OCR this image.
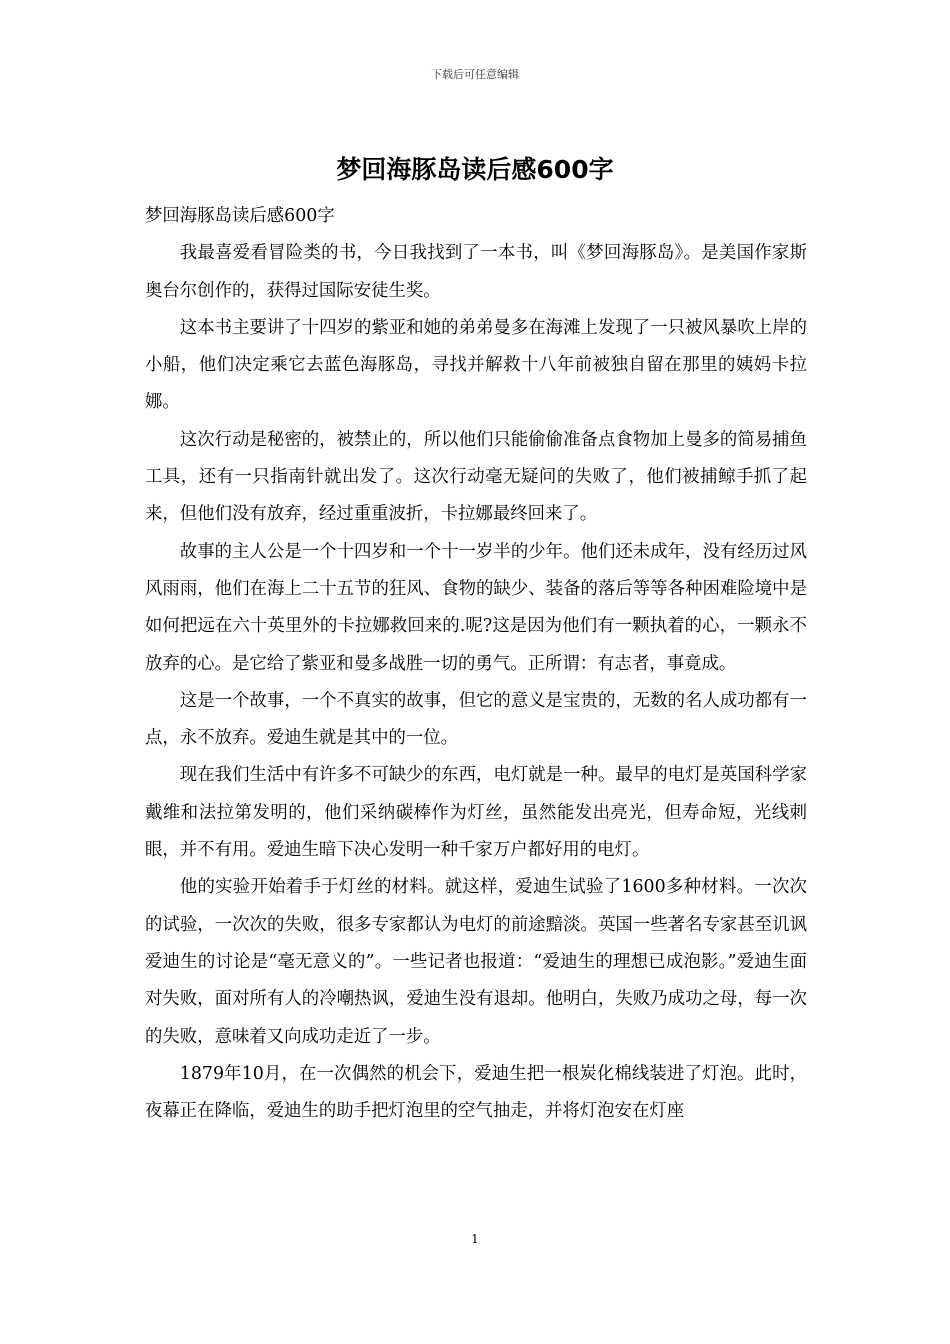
下载后可任意编辑
梦回海豚岛读后感600字

梦回海豚岛读后感600字

我最喜爱看冒险类的书，今日我找到了一本书，叫《梦回海豚岛》。是美国作家斯奥台尔创作的，获得过国际安徒生奖。

这本书主要讲了十四岁的紫亚和她的弟弟曼多在海滩上发现了一只被风暴吹上岸的小船，他们决定乘它去蓝色海豚岛，寻找并解救十八年前被独自留在那里的姨妈卡拉娜。

这次行动是秘密的，被禁止的，所以他们只能偷偷准备点食物加上曼多的简易捕鱼工具，还有一只指南针就出发了。这次行动毫无疑问的失败了，他们被捕鲸手抓了起来，但他们没有放弃，经过重重波折，卡拉娜最终回来了。

故事的主人公是一个十四岁和一个十一岁半的少年。他们还未成年，没有经历过风风雨雨，他们在海上二十五节的狂风、食物的缺少、装备的落后等等各种困难险境中是如何把远在六十英里外的卡拉娜救回来的.呢?这是因为他们有一颗执着的心，一颗永不放弃的心。是它给了紫亚和曼多战胜一切的勇气。正所谓：有志者，事竟成。

这是一个故事，一个不真实的故事，但它的意义是宝贵的，无数的名人成功都有一点，永不放弃。爱迪生就是其中的一位。

现在我们生活中有许多不可缺少的东西，电灯就是一种。最早的电灯是英国科学家戴维和法拉第发明的，他们采纳碳棒作为灯丝，虽然能发出亮光，但寿命短，光线刺眼，并不有用。爱迪生暗下决心发明一种千家万户都好用的电灯。

他的实验开始着手于灯丝的材料。就这样，爱迪生试验了1600多种材料。一次次的试验，一次次的失败，很多专家都认为电灯的前途黯淡。英国一些著名专家甚至讥讽爱迪生的讨论是“毫无意义的”。一些记者也报道：“爱迪生的理想已成泡影。”爱迪生面对失败，面对所有人的冷嘲热讽，爱迪生没有退却。他明白，失败乃成功之母，每一次的失败，意味着又向成功走近了一步。

1879年10月，在一次偶然的机会下，爱迪生把一根炭化棉线装进了灯泡。此时，夜幕正在降临，爱迪生的助手把灯泡里的空气抽走，并将灯泡安在灯座

1
